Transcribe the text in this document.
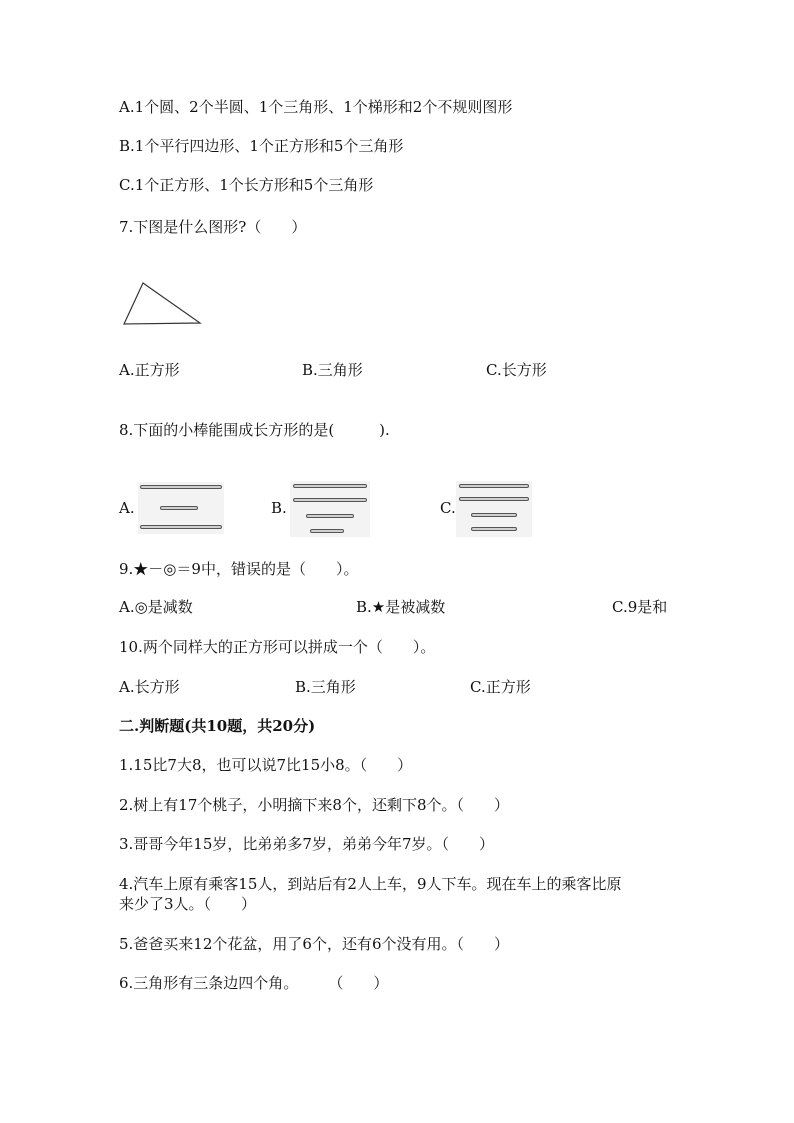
A.1个圆、2个半圆、1个三角形、1个梯形和2个不规则图形
B.1个平行四边形、1个正方形和5个三角形
C.1个正方形、1个长方形和5个三角形
7.下图是什么图形?（　　）
A.正方形	B.三角形	C.长方形
8.下面的小棒能围成长方形的是(　　　).
A.	B.	C.
9.★－◎＝9中，错误的是（　　）。
A.◎是减数	B.★是被减数	C.9是和
10.两个同样大的正方形可以拼成一个（　　）。
A.长方形	B.三角形	C.正方形
二.判断题(共10题，共20分)
1.15比7大8，也可以说7比15小8。（　　）
2.树上有17个桃子，小明摘下来8个，还剩下8个。（　　）
3.哥哥今年15岁，比弟弟多7岁，弟弟今年7岁。（　　）
4.汽车上原有乘客15人，到站后有2人上车，9人下车。现在车上的乘客比原
来少了3人。（　　）
5.爸爸买来12个花盆，用了6个，还有6个没有用。（　　）
6.三角形有三条边四个角。　　　（　　）
